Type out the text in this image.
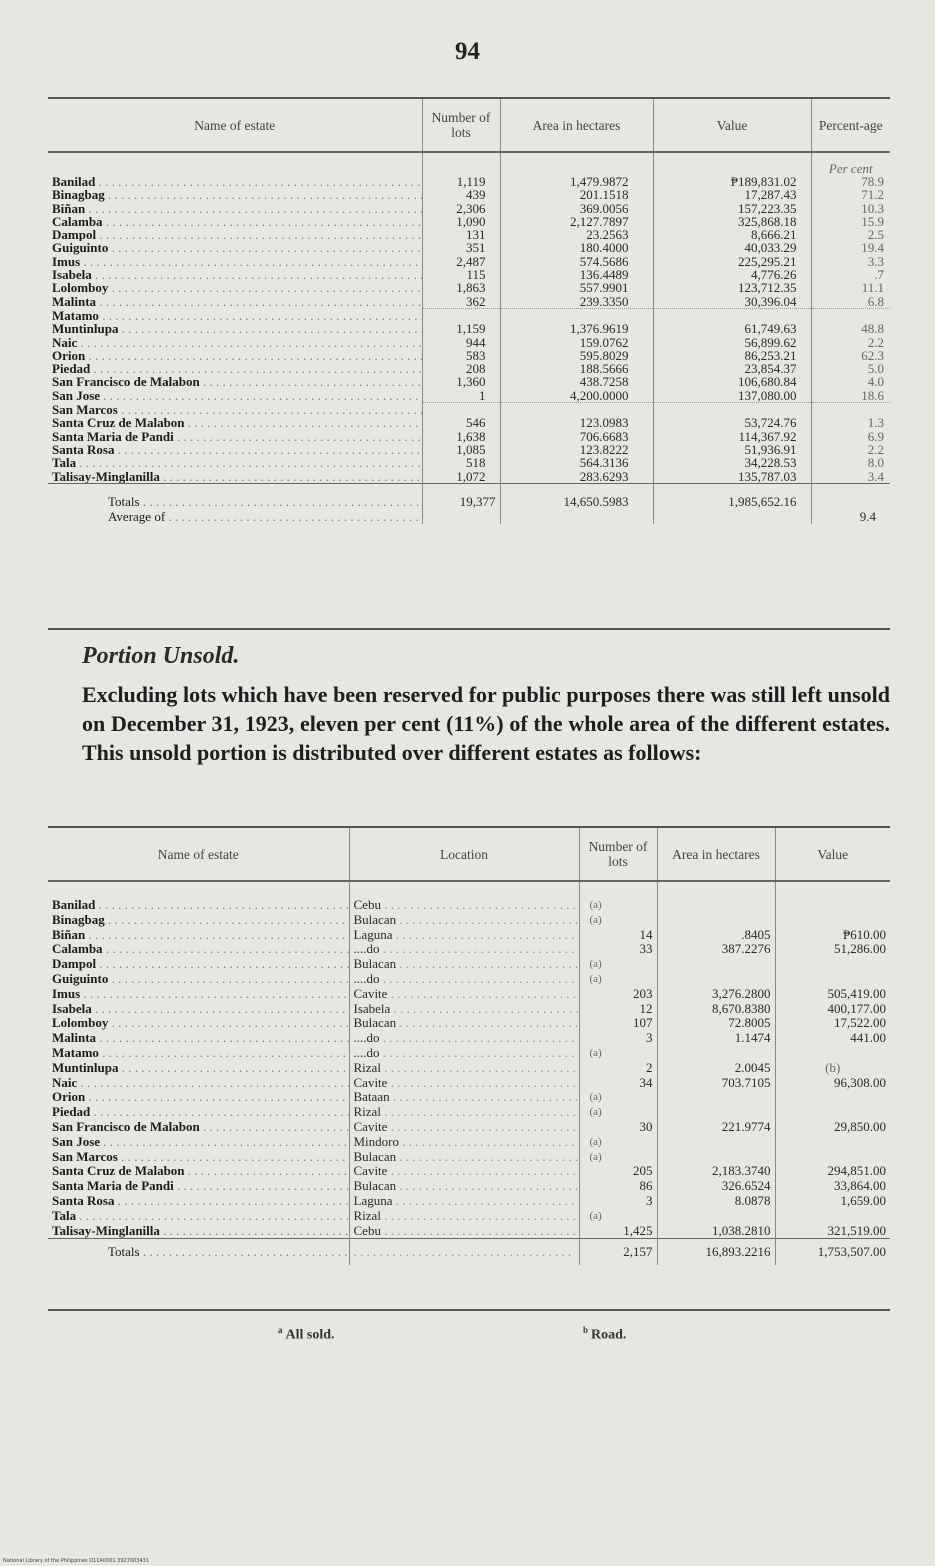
94
Name of estate	Number of lots	Area in hectares	Value	Percent-age
				Per cent
Banilad . . .	1,119	1,479.9872	₱189,831.02	78.9
Binagbag . . .	439	201.1518	17,287.43	71.2
Biñan . . .	2,306	369.0056	157,223.35	10.3
Calamba . . .	1,090	2,127.7897	325,868.18	15.9
Dampol . . .	131	23.2563	8,666.21	2.5
Guiguinto . . .	351	180.4000	40,033.29	19.4
Imus . . .	2,487	574.5686	225,295.21	3.3
Isabela . . .	115	136.4489	4,776.26	.7
Lolomboy . . .	1,863	557.9901	123,712.35	11.1
Malinta . . .	362	239.3350	30,396.04	6.8
Matamo . . .				
Muntinlupa . . .	1,159	1,376.9619	61,749.63	48.8
Naic . . .	944	159.0762	56,899.62	2.2
Orion . . .	583	595.8029	86,253.21	62.3
Piedad . . .	208	188.5666	23,854.37	5.0
San Francisco de Malabon . . .	1,360	438.7258	106,680.84	4.0
San Jose . . .	1	4,200.0000	137,080.00	18.6
San Marcos . . .				
Santa Cruz de Malabon . . .	546	123.0983	53,724.76	1.3
Santa Maria de Pandi . . .	1,638	706.6683	114,367.92	6.9
Santa Rosa . . .	1,085	123.8222	51,936.91	2.2
Tala . . .	518	564.3136	34,228.53	8.0
Talisay-Minglanilla . . .	1,072	283.6293	135,787.03	3.4
Totals . . .	19,377	14,650.5983	1,985,652.16	
Average of . . .				9.4
Portion Unsold.
Excluding lots which have been reserved for public purposes there was still left unsold on December 31, 1923, eleven per cent (11%) of the whole area of the different estates. This unsold portion is distributed over different estates as follows:
Name of estate	Location	Number of lots	Area in hectares	Value

Banilad . . .	Cebu . . .	(a)		
Binagbag . . .	Bulacan . . .	(a)		
Biñan . . .	Laguna . . .	14	.8405	₱610.00
Calamba . . .	....do . . .	33	387.2276	51,286.00
Dampol . . .	Bulacan . . .	(a)		
Guiguinto . . .	....do . . .	(a)		
Imus . . .	Cavite . . .	203	3,276.2800	505,419.00
Isabela . . .	Isabela . . .	12	8,670.8380	400,177.00
Lolomboy . . .	Bulacan . . .	107	72.8005	17,522.00
Malinta . . .	....do . . .	3	1.1474	441.00
Matamo . . .	....do . . .	(a)		
Muntinlupa . . .	Rizal . . .	2	2.0045	(b)
Naic . . .	Cavite . . .	34	703.7105	96,308.00
Orion . . .	Bataan . . .	(a)		
Piedad . . .	Rizal . . .	(a)		
San Francisco de Malabon . . .	Cavite . . .	30	221.9774	29,850.00
San Jose . . .	Mindoro . . .	(a)		
San Marcos . . .	Bulacan . . .	(a)		
Santa Cruz de Malabon . . .	Cavite . . .	205	2,183.3740	294,851.00
Santa Maria de Pandi . . .	Bulacan . . .	86	326.6524	33,864.00
Santa Rosa . . .	Laguna . . .	3	8.0878	1,659.00
Tala . . .	Rizal . . .	(a)		
Talisay-Minglanilla . . .	Cebu . . .	1,425	1,038.2810	321,519.00
Totals . . .	. . .	2,157	16,893.2216	1,753,507.00
$^a$ All sold.	$^b$ Road.
National Library of the Philippines D11A0001 3927003431
